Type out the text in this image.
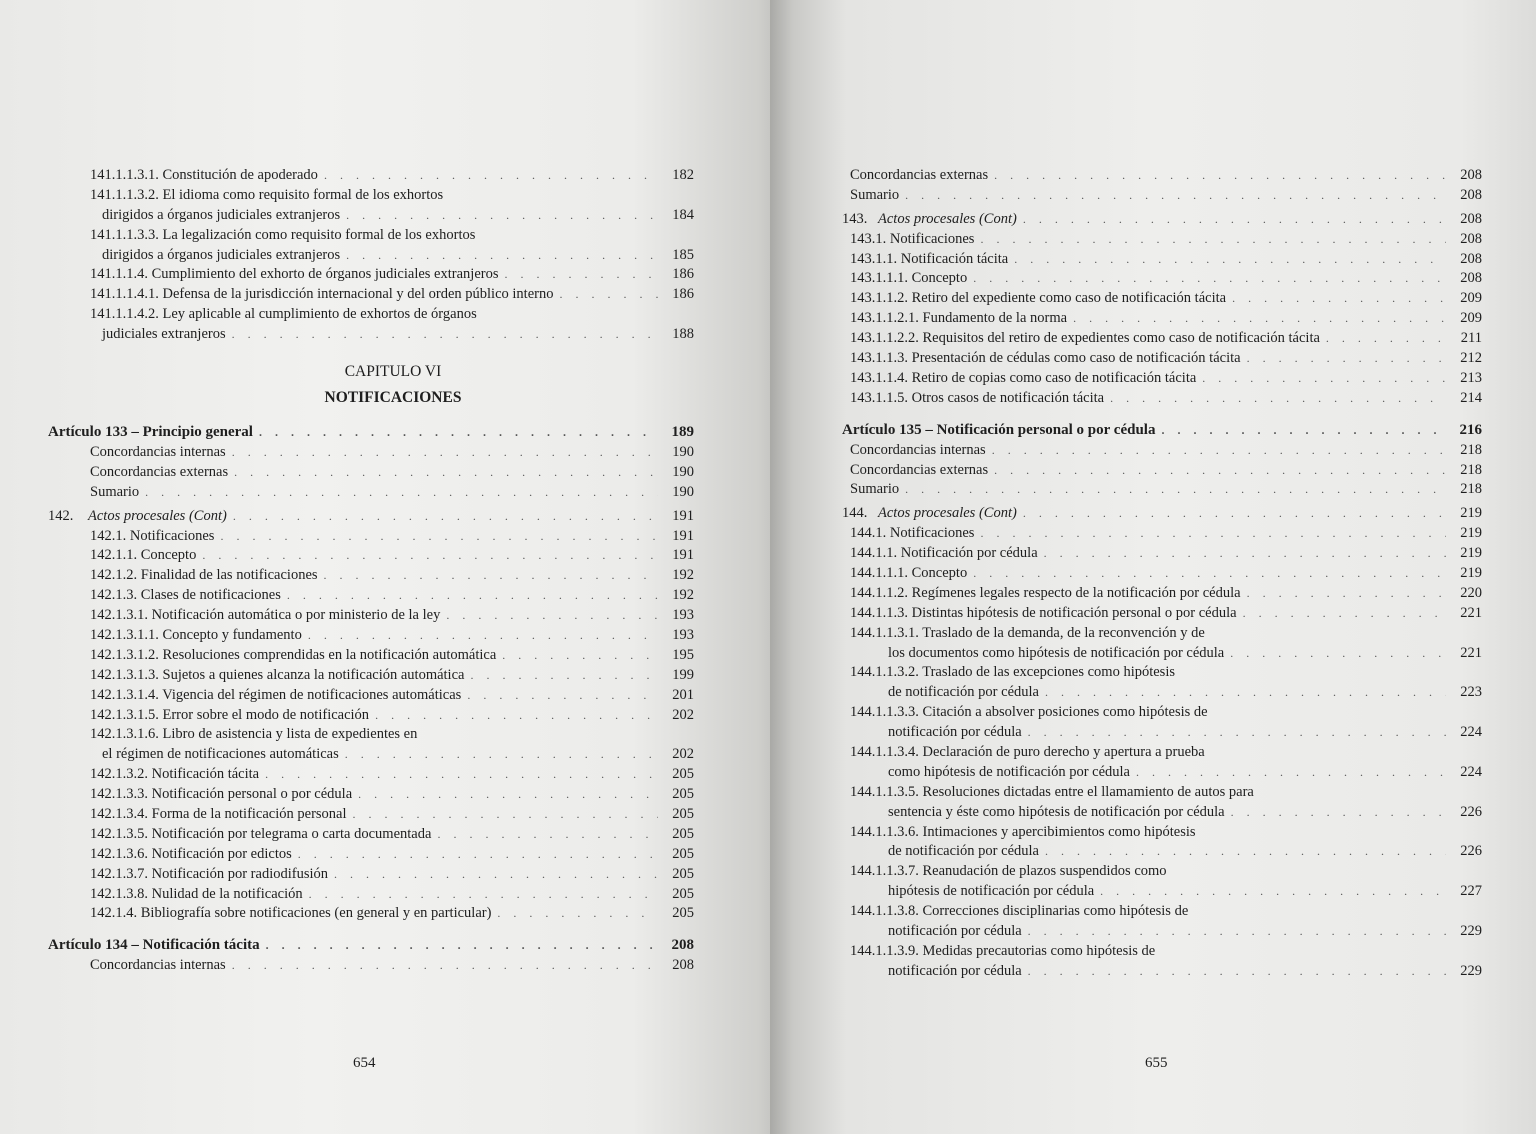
141.1.1.3.1. Constitución de apoderado . . .	182
141.1.1.3.2. El idioma como requisito formal de los exhortos
dirigidos a órganos judiciales extranjeros . . .	184
141.1.1.3.3. La legalización como requisito formal de los exhortos
dirigidos a órganos judiciales extranjeros . . .	185
141.1.1.4. Cumplimiento del exhorto de órganos judiciales extranjeros . . .	186
141.1.1.4.1. Defensa de la jurisdicción internacional y del orden público interno . . .	186
141.1.1.4.2. Ley aplicable al cumplimiento de exhortos de órganos
judiciales extranjeros . . .	188
CAPITULO VI
NOTIFICACIONES
Artículo 133 – Principio general . . .	189
Concordancias internas . . .	190
Concordancias externas . . .	190
Sumario . . .	190
142. Actos procesales (Cont) . . .	191
142.1. Notificaciones . . .	191
142.1.1. Concepto . . .	191
142.1.2. Finalidad de las notificaciones . . .	192
142.1.3. Clases de notificaciones . . .	192
142.1.3.1. Notificación automática o por ministerio de la ley . . .	193
142.1.3.1.1. Concepto y fundamento . . .	193
142.1.3.1.2. Resoluciones comprendidas en la notificación automática . . .	195
142.1.3.1.3. Sujetos a quienes alcanza la notificación automática . . .	199
142.1.3.1.4. Vigencia del régimen de notificaciones automáticas . . .	201
142.1.3.1.5. Error sobre el modo de notificación . . .	202
142.1.3.1.6. Libro de asistencia y lista de expedientes en
el régimen de notificaciones automáticas . . .	202
142.1.3.2. Notificación tácita . . .	205
142.1.3.3. Notificación personal o por cédula . . .	205
142.1.3.4. Forma de la notificación personal . . .	205
142.1.3.5. Notificación por telegrama o carta documentada . . .	205
142.1.3.6. Notificación por edictos . . .	205
142.1.3.7. Notificación por radiodifusión . . .	205
142.1.3.8. Nulidad de la notificación . . .	205
142.1.4. Bibliografía sobre notificaciones (en general y en particular) . . .	205
Artículo 134 – Notificación tácita . . .	208
Concordancias internas . . .	208
654
Concordancias externas . . .	208
Sumario . . .	208
143. Actos procesales (Cont) . . .	208
143.1. Notificaciones . . .	208
143.1.1. Notificación tácita . . .	208
143.1.1.1. Concepto . . .	208
143.1.1.2. Retiro del expediente como caso de notificación tácita . . .	209
143.1.1.2.1. Fundamento de la norma . . .	209
143.1.1.2.2. Requisitos del retiro de expedientes como caso de notificación tácita . . .	211
143.1.1.3. Presentación de cédulas como caso de notificación tácita . . .	212
143.1.1.4. Retiro de copias como caso de notificación tácita . . .	213
143.1.1.5. Otros casos de notificación tácita . . .	214
Artículo 135 – Notificación personal o por cédula . . .	216
Concordancias internas . . .	218
Concordancias externas . . .	218
Sumario . . .	218
144. Actos procesales (Cont) . . .	219
144.1. Notificaciones . . .	219
144.1.1. Notificación por cédula . . .	219
144.1.1.1. Concepto . . .	219
144.1.1.2. Regímenes legales respecto de la notificación por cédula . . .	220
144.1.1.3. Distintas hipótesis de notificación personal o por cédula . . .	221
144.1.1.3.1. Traslado de la demanda, de la reconvención y de
los documentos como hipótesis de notificación por cédula . . .	221
144.1.1.3.2. Traslado de las excepciones como hipótesis
de notificación por cédula . . .	223
144.1.1.3.3. Citación a absolver posiciones como hipótesis de
notificación por cédula . . .	224
144.1.1.3.4. Declaración de puro derecho y apertura a prueba
como hipótesis de notificación por cédula . . .	224
144.1.1.3.5. Resoluciones dictadas entre el llamamiento de autos para
sentencia y éste como hipótesis de notificación por cédula . . .	226
144.1.1.3.6. Intimaciones y apercibimientos como hipótesis
de notificación por cédula . . .	226
144.1.1.3.7. Reanudación de plazos suspendidos como
hipótesis de notificación por cédula . . .	227
144.1.1.3.8. Correcciones disciplinarias como hipótesis de
notificación por cédula . . .	229
144.1.1.3.9. Medidas precautorias como hipótesis de
notificación por cédula . . .	229
655
